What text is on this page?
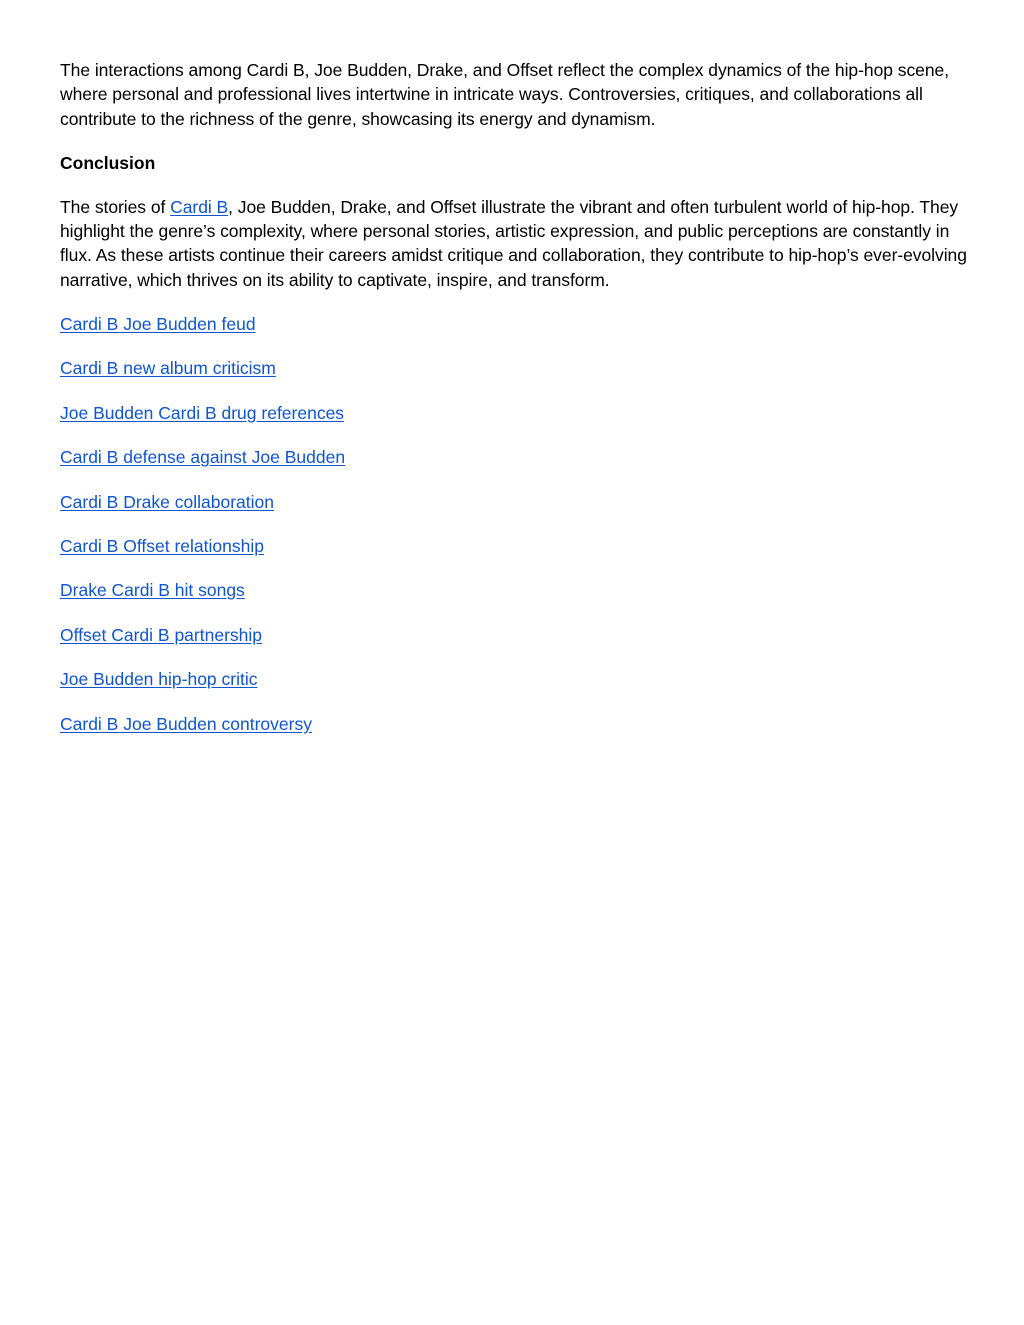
The interactions among Cardi B, Joe Budden, Drake, and Offset reflect the complex dynamics of the hip-hop scene, where personal and professional lives intertwine in intricate ways. Controversies, critiques, and collaborations all contribute to the richness of the genre, showcasing its energy and dynamism.

Conclusion

The stories of Cardi B, Joe Budden, Drake, and Offset illustrate the vibrant and often turbulent world of hip-hop. They highlight the genre’s complexity, where personal stories, artistic expression, and public perceptions are constantly in flux. As these artists continue their careers amidst critique and collaboration, they contribute to hip-hop’s ever-evolving narrative, which thrives on its ability to captivate, inspire, and transform.

Cardi B Joe Budden feud

Cardi B new album criticism

Joe Budden Cardi B drug references

Cardi B defense against Joe Budden

Cardi B Drake collaboration

Cardi B Offset relationship

Drake Cardi B hit songs

Offset Cardi B partnership

Joe Budden hip-hop critic

Cardi B Joe Budden controversy
